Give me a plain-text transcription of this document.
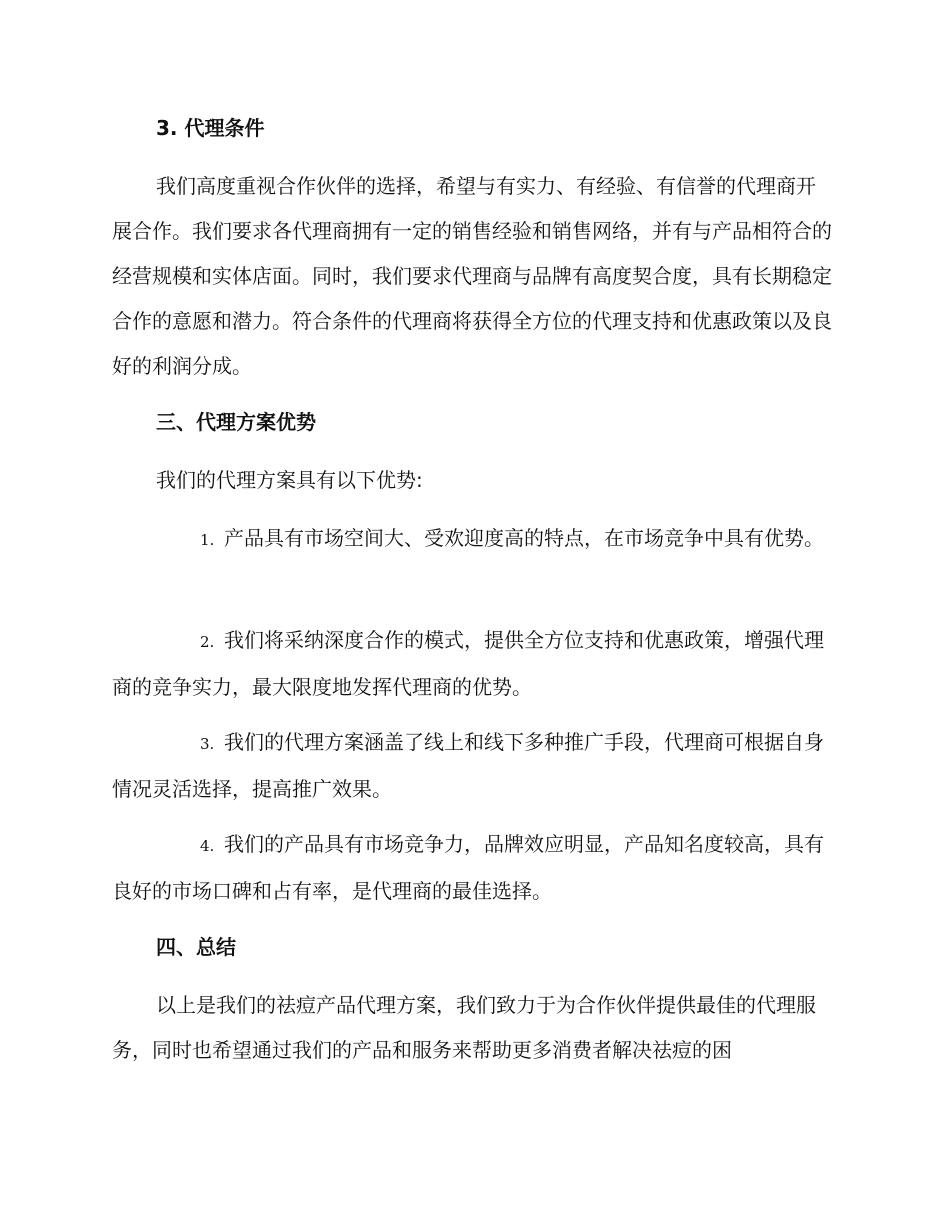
3. 代理条件
我们高度重视合作伙伴的选择，希望与有实力、有经验、有信誉的代理商开展合作。我们要求各代理商拥有一定的销售经验和销售网络，并有与产品相符合的经营规模和实体店面。同时，我们要求代理商与品牌有高度契合度，具有长期稳定合作的意愿和潜力。符合条件的代理商将获得全方位的代理支持和优惠政策以及良好的利润分成。
三、代理方案优势
我们的代理方案具有以下优势:
1. 产品具有市场空间大、受欢迎度高的特点，在市场竞争中具有优势。
2. 我们将采纳深度合作的模式，提供全方位支持和优惠政策，增强代理商的竞争实力，最大限度地发挥代理商的优势。
3. 我们的代理方案涵盖了线上和线下多种推广手段，代理商可根据自身情况灵活选择，提高推广效果。
4. 我们的产品具有市场竞争力，品牌效应明显，产品知名度较高，具有良好的市场口碑和占有率，是代理商的最佳选择。
四、总结
以上是我们的祛痘产品代理方案，我们致力于为合作伙伴提供最佳的代理服务，同时也希望通过我们的产品和服务来帮助更多消费者解决祛痘的困
